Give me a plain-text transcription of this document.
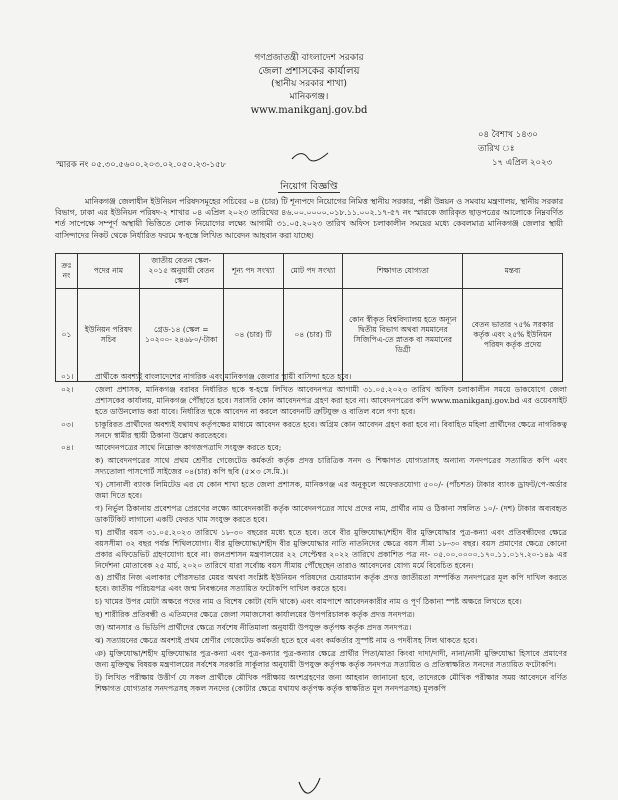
গণপ্রজাতন্ত্রী বাংলাদেশ সরকার
জেলা প্রশাসকের কার্যালয়
(স্থানীয় সরকার শাখা)
মানিকগঞ্জ।
www.manikganj.gov.bd
০৪ বৈশাখ ১৪৩০
তারিখ ঃ
১৭ এপ্রিল ২০২৩
স্মারক নং ০৫.৩০.৫৬০০.২০৩.০২.০৫০.২৩-১৫৮
নিয়োগ বিজ্ঞপ্তি
মানিকগঞ্জ জেলাধীন ইউনিয়ন পরিষদসমূহের সচিবের ০৪ (চার) টি শূন্যপদে নিয়োগের নিমিত্ত স্থানীয় সরকার, পল্লী উন্নয়ন ও সমবায় মন্ত্রণালয়, স্থানীয় সরকার বিভাগ, ঢাকা এর ইউনিয়ন পরিষদ-২ শাখার ০৪ এপ্রিল ২০২৩ তারিখের ৪৬.০০.০০০০.০১৮.১১.০০২.১৭-৫৭ নং স্মারকে জারিকৃত ছাড়পত্রের আলোকে নিম্নবর্ণিত শর্ত সাপেক্ষে সম্পূর্ণ অস্থায়ী ভিত্তিতে লোক নিয়োগের লক্ষ্যে আগামী ৩১.০৫.২০২৩ তারিখ অফিস চলাকালীন সময়ের মধ্যে কেবলমাত্র মানিকগঞ্জ জেলার স্থায়ী বাসিন্দাদের নিকট থেকে নির্ধারিত ফরমে স্ব-হস্তে লিখিত আবেদন আহবান করা যাচ্ছে।
ক্রঃ নং	পদের নাম	জাতীয় বেতন স্কেল- ২০১৫ অনুযায়ী বেতন স্কেল	শূন্য পদ সংখ্যা	মোট পদ সংখ্যা	শিক্ষাগত যোগ্যতা	মন্তব্য
০১	ইউনিয়ন পরিষদ সচিব	গ্রেড-১৪ (স্কেল = ১০২০০- ২৪৬৮০/-টাকা	০৪ (চার) টি	০৪ (চার) টি	কোন স্বীকৃত বিশ্ববিদ্যালয় হতে অন্যূন দ্বিতীয় বিভাগ অথবা সমমানের সিজিপিএ-তে স্নাতক বা সমমানের ডিগ্রী	বেতন ভাতার ৭৫% সরকার কর্তৃক এবং ২৫% ইউনিয়ন পরিষদ কর্তৃক প্রদেয়
০১।	প্রার্থীকে অবশ্যই বাংলাদেশের নাগরিক এবং মানিকগঞ্জ জেলার স্থায়ী বাসিন্দা হতে হবে।
০২।	জেলা প্রশাসক, মানিকগঞ্জ বরাবর নির্ধারিত ছকে স্ব-হস্তে লিখিত আবেদনপত্র আগামী ৩১.০৫.২০২৩ তারিখ অফিস চলাকালীন সময়ে ডাকযোগে জেলা প্রশাসকের কার্যালয়, মানিকগঞ্জ পৌঁছাতে হবে। সরাসরি কোন আবেদনপত্র গ্রহণ করা হবে না। আবেদনপত্রের কপি www.manikganj.gov.bd এর ওয়েবসাইট হতে ডাউনলোড করা যাবে। নির্ধারিত ছকে আবেদন না করলে আবেদনটি ত্রুটিযুক্ত ও বাতিল বলে গণ্য হবে।
০৩।	চাকুরিরত প্রার্থীদের অবশ্যই যথাযথ কর্তৃপক্ষের মাধ্যমে আবেদন করতে হবে। অগ্রিম কোন আবেদন গ্রহণ করা হবে না। বিবাহিত মহিলা প্রার্থীদের ক্ষেত্রে নাগরিকত্ব সনদে স্বামীর স্থায়ী ঠিকানা উল্লেখ করতেহবে।
০৪।	আবেদনপত্রের সাথে নিম্নোক্ত কাগজপত্রাদি সংযুক্ত করতে হবে;
ক) আবেদনপত্রের সাথে প্রথম শ্রেণীর গেজেটেড কর্মকর্তা কর্তৃক প্রদত্ত চারিত্রিক সনদ ও শিক্ষাগত যোগ্যতাসহ অন্যান্য সনদপত্রের সত্যায়িত কপি এবং সদ্যতোলা পাসপোর্ট সাইজের ০৪(চার) কপি ছবি (৫×৩ সে.মি.)।
খ) সোনালী ব্যাংক লিমিটেড এর যে কোন শাখা হতে জেলা প্রশাসক, মানিকগঞ্জ এর অনুকূলে অফেরতযোগ্য ৫০০/- (পাঁচশত) টাকার ব্যাংক ড্রাফট/পে-অর্ডার জমা দিতে হবে।
গ) নির্ভুল ঠিকানায় প্রবেশপত্র প্রেরণের লক্ষ্যে আবেদনকারী কর্তৃক আবেদনপত্রের সাথে প্রদের নাম, প্রার্থীর নাম ও ঠিকানা সম্বলিত ১০/- (দশ) টাকার অব্যবহৃত ডাকটিকিট লাগানো একটি ফেরত খাম সংযুক্ত করতে হবে।
ঘ) প্রার্থীর বয়স ৩১.০৫.২০২৩ তারিখে ১৮-৩০ বছরের মধ্যে হতে হবে। তবে বীর মুক্তিযোদ্ধা/শহীদ বীর মুক্তিযোদ্ধার পুত্র-কন্যা এবং প্রতিবন্ধীদের ক্ষেত্রে বয়সসীমা ৩২ বছর পর্যন্ত শিথিলযোগ্য। বীর মুক্তিযোদ্ধা/শহীদ বীর মুক্তিযোদ্ধার নাতি নাতনিদের ক্ষেত্রে বয়স সীমা ১৮-৩০ বছর। বয়স প্রমাণের ক্ষেত্রে কোনো প্রকার এফিডেভিট গ্রহণযোগ্য হবে না। জনপ্রশাসন মন্ত্রণালয়ের ২২ সেপ্টেম্বর ২০২২ তারিখে প্রকাশিত পত্র নং- ০৫.০০.০০০০.১৭০.১১.০১৭.২০-১৪৯ এর নির্দেশনা মোতাবেক ২৫ মার্চ, ২০২০ তারিখে যারা সর্বোচ্চ বয়স সীমায় পৌঁছেছেন তারাও আবেদনের যোগ্য মর্মে বিবেচিত হবেন।
ঙ) প্রার্থীর নিজ এলাকার পৌরসভার মেয়র অথবা সংশ্লিষ্ট ইউনিয়ন পরিষদের চেয়ারম্যান কর্তৃক প্রদত্ত জাতীয়তা সম্পর্কিত সনদপত্রের মূল কপি দাখিল করতে হবে। জাতীয় পরিচয়পত্র এবং জন্ম নিবন্ধনের সত্যায়িত ফটোকপি দাখিল করতে হবে।
চ) খামের উপর মোটা অক্ষরে পদের নাম ও বিশেষ কোটা (যদি থাকে) এবং বামপাশে আবেদনকারীর নাম ও পূর্ণ ঠিকানা স্পষ্ট অক্ষরে লিখতে হবে।
ছ) শারীরিক প্রতিবন্ধী ও এতিমদের ক্ষেত্রে জেলা সমাজসেবা কার্যালয়ের উপপরিচালক কর্তৃক প্রদত্ত সনদপত্র।
জ) আনসার ও ভিডিপি প্রার্থীদের ক্ষেত্রে সর্বশেষ নীতিমালা অনুযায়ী উপযুক্ত কর্তৃপক্ষ কর্তৃক প্রদত্ত সনদপত্র।
ঝ) সত্যায়নের ক্ষেত্রে অবশ্যই প্রথম শ্রেণীর গেজেটেড কর্মকর্তা হতে হবে এবং কর্মকর্তার সুস্পষ্ট নাম ও পদবীসহ সিল থাকতে হবে।
ঞ) মুক্তিযোদ্ধা/শহীদ মুক্তিযোদ্ধার পুত্র-কন্যা এবং পুত্র-কন্যার পুত্র-কন্যার ক্ষেত্রে প্রার্থীর পিতা/মাতা কিংবা দাদা/দাদী, নানা/নানী মুক্তিযোদ্ধা হিসাবে প্রমাণের জন্য মুক্তিযুদ্ধ বিষয়ক মন্ত্রণালয়ের সর্বশেষ সরকারি সার্কুলার অনুযায়ী উপযুক্ত কর্তৃপক্ষ কর্তৃক সনদপত্র সত্যায়িত ও প্রতিস্বাক্ষরিত সনদের সত্যায়িত ফটোকপি।
ট) লিখিত পরীক্ষায় উত্তীর্ণ যে সকল প্রার্থীকে মৌখিক পরীক্ষায় অংশগ্রহণের জন্য আহবান জানানো হবে, তাদেরকে মৌখিক পরীক্ষার সময় আবেদনে বর্ণিত শিক্ষাগত যোগ্যতার সনদপত্রসহ সকল সনদের (কোটার ক্ষেত্রে যথাযথ কর্তৃপক্ষ কর্তৃক স্বাক্ষরিত মূল সনদপত্রসহ) মূলকপি
